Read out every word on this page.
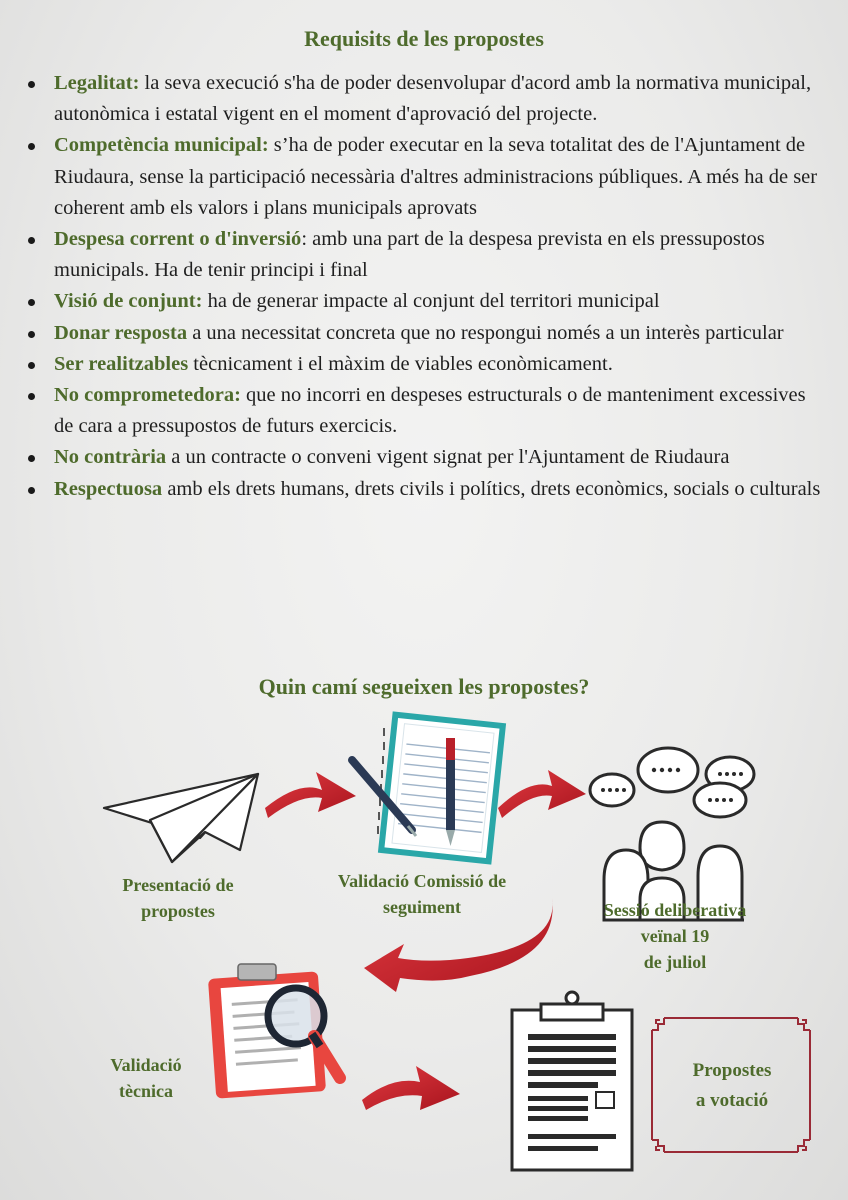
Requisits de les propostes
Legalitat: la seva execució s'ha de poder desenvolupar d'acord amb la normativa municipal, autonòmica i estatal vigent en el moment d'aprovació del projecte.
Competència municipal: s’ha de poder executar en la seva totalitat des de l'Ajuntament de Riudaura, sense la participació necessària d'altres administracions públiques. A més ha de ser coherent amb els valors i plans municipals aprovats
Despesa corrent o d'inversió: amb una part de la despesa prevista en els pressupostos municipals. Ha de tenir principi i final
Visió de conjunt: ha de generar impacte al conjunt del territori municipal
Donar resposta a una necessitat concreta que no respongui només a un interès particular
Ser realitzables tècnicament i el màxim de viables econòmicament.
No comprometedora: que no incorri en despeses estructurals o de manteniment excessives de cara a pressupostos de futurs exercicis.
No contrària a un contracte o conveni vigent signat per l'Ajuntament de Riudaura
Respectuosa amb els drets humans, drets civils i polítics, drets econòmics, socials o culturals
Quin camí segueixen les propostes?
Presentació de
propostes
Validació Comissió de
seguiment	Sessió deliberativa
veïnal 19
de juliol
Validació
tècnica
Propostes
a votació
